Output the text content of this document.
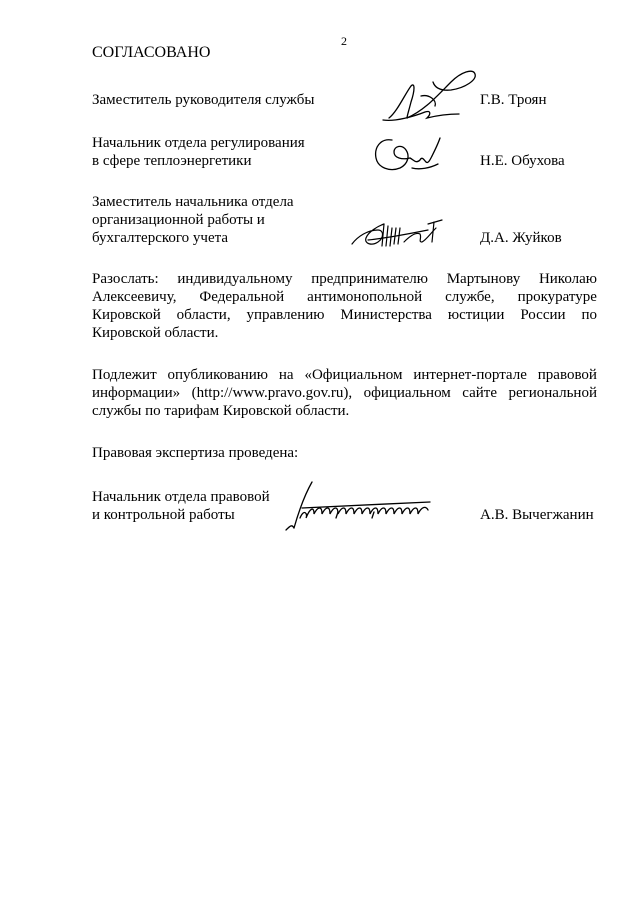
2
СОГЛАСОВАНО
Заместитель руководителя службы	Г.В. Троян
Начальник отдела регулирования
в сфере теплоэнергетики	Н.Е. Обухова
Заместитель начальника отдела
организационной работы и
бухгалтерского учета	Д.А. Жуйков
Разослать: индивидуальному предпринимателю Мартынову Николаю
Алексеевичу, Федеральной антимонопольной службе, прокуратуре
Кировской области, управлению Министерства юстиции России по
Кировской области.
Подлежит опубликованию на «Официальном интернет-портале правовой
информации» (http://www.pravo.gov.ru), официальном сайте региональной
службы по тарифам Кировской области.
Правовая экспертиза проведена:
Начальник отдела правовой
и контрольной работы	А.В. Вычегжанин
